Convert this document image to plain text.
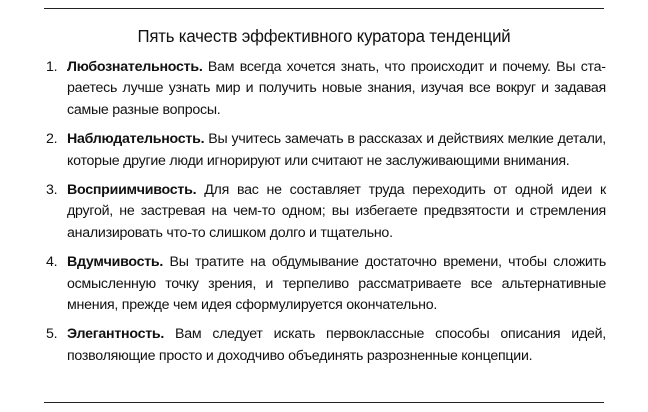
Пять качеств эффективного куратора тенденций
1. Любознательность. Вам всегда хочется знать, что происходит и почему. Вы стараетесь лучше узнать мир и получить новые знания, изучая все вокруг и задавая самые разные вопросы.
2. Наблюдательность. Вы учитесь замечать в рассказах и действиях мелкие детали, которые другие люди игнорируют или считают не заслуживающими внимания.
3. Восприимчивость. Для вас не составляет труда переходить от одной идеи к другой, не застревая на чем-то одном; вы избегаете предвзятости и стремления анализировать что-то слишком долго и тщательно.
4. Вдумчивость. Вы тратите на обдумывание достаточно времени, чтобы сложить осмысленную точку зрения, и терпеливо рассматриваете все альтернативные мнения, прежде чем идея сформулируется окончательно.
5. Элегантность. Вам следует искать первоклассные способы описания идей, позволяющие просто и доходчиво объединять разрозненные концепции.
